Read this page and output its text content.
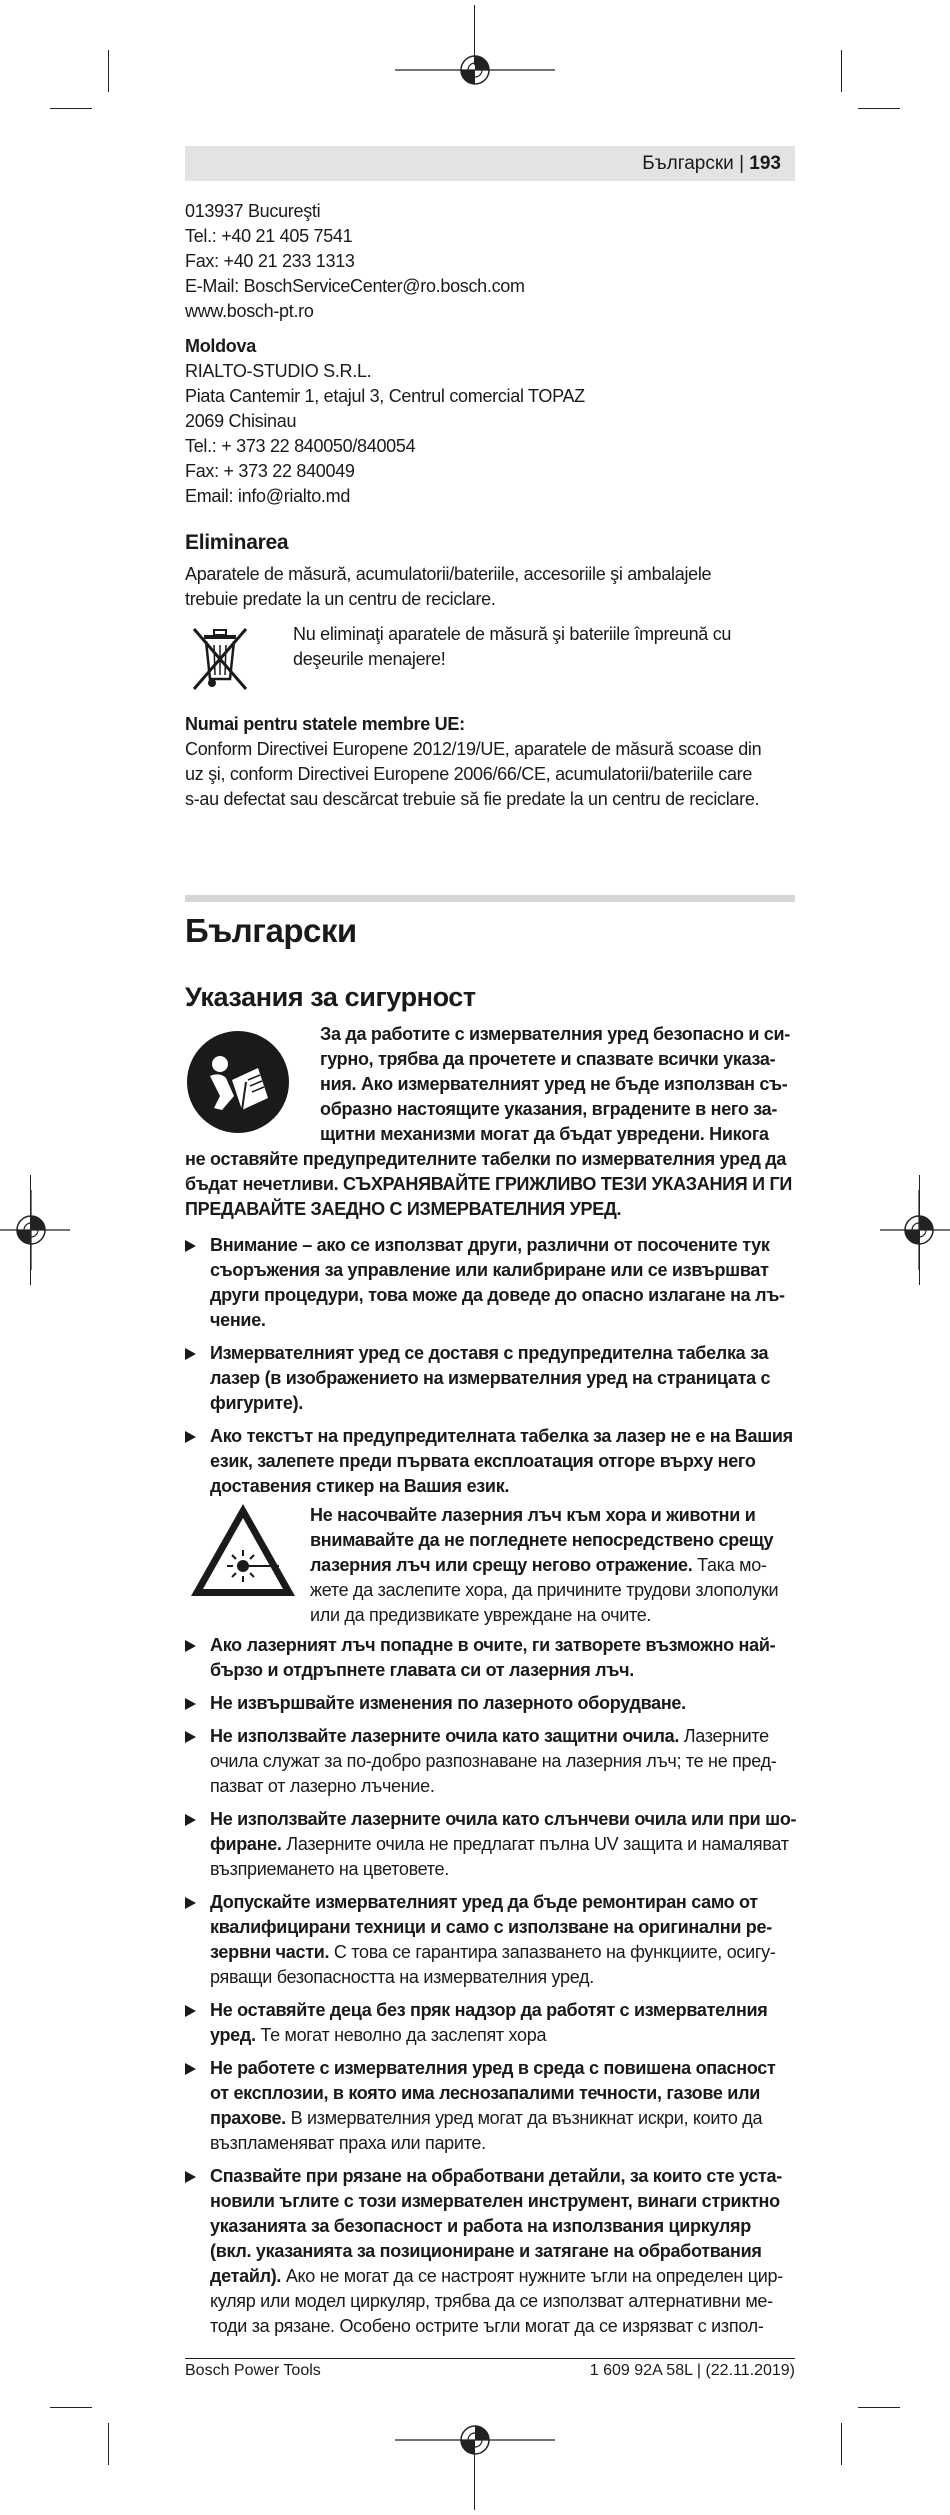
Български | 193
013937 Bucureşti
Tel.: +40 21 405 7541
Fax: +40 21 233 1313
E-Mail: BoschServiceCenter@ro.bosch.com
www.bosch-pt.ro
Moldova
RIALTO-STUDIO S.R.L.
Piata Cantemir 1, etajul 3, Centrul comercial TOPAZ
2069 Chisinau
Tel.: + 373 22 840050/840054
Fax: + 373 22 840049
Email: info@rialto.md
Eliminarea
Aparatele de măsură, acumulatorii/bateriile, accesoriile şi ambalajele
trebuie predate la un centru de reciclare.
Nu eliminaţi aparatele de măsură şi bateriile împreună cu
deşeurile menajere!
Numai pentru statele membre UE:
Conform Directivei Europene 2012/19/UE, aparatele de măsură scoase din
uz şi, conform Directivei Europene 2006/66/CE, acumulatorii/bateriile care
s-au defectat sau descărcat trebuie să fie predate la un centru de reciclare.
Български
Указания за сигурност
За да работите с измервателния уред безопасно и си-
гурно, трябва да прочетете и спазвате всички указа-
ния. Ако измервателният уред не бъде използван съ-
образно настоящите указания, вградените в него за-
щитни механизми могат да бъдат увредени. Никога
не оставяйте предупредителните табелки по измервателния уред да
бъдат нечетливи. СЪХРАНЯВАЙТЕ ГРИЖЛИВО ТЕЗИ УКАЗАНИЯ И ГИ
ПРЕДАВАЙТЕ ЗАЕДНО С ИЗМЕРВАТЕЛНИЯ УРЕД.
Внимание – ако се използват други, различни от посочените тук
съоръжения за управление или калибриране или се извършват
други процедури, това може да доведе до опасно излагане на лъ-
чение.
Измервателният уред се доставя с предупредителна табелка за
лазер (в изображението на измервателния уред на страницата с
фигурите).
Ако текстът на предупредителната табелка за лазер не е на Вашия
език, залепете преди първата експлоатация отгоре върху него
доставения стикер на Вашия език.
Не насочвайте лазерния лъч към хора и животни и
внимавайте да не погледнете непосредствено срещу
лазерния лъч или срещу негово отражение. Така мо-
жете да заслепите хора, да причините трудови злополуки
или да предизвикате увреждане на очите.
Ако лазерният лъч попадне в очите, ги затворете възможно най-
бързо и отдръпнете главата си от лазерния лъч.
Не извършвайте изменения по лазерното оборудване.
Не използвайте лазерните очила като защитни очила. Лазерните
очила служат за по-добро разпознаване на лазерния лъч; те не пред-
пазват от лазерно лъчение.
Не използвайте лазерните очила като слънчеви очила или при шо-
фиране. Лазерните очила не предлагат пълна UV защита и намаляват
възприемането на цветовете.
Допускайте измервателният уред да бъде ремонтиран само от
квалифицирани техници и само с използване на оригинални ре-
зервни части. С това се гарантира запазването на функциите, осигу-
ряващи безопасността на измервателния уред.
Не оставяйте деца без пряк надзор да работят с измервателния
уред. Те могат неволно да заслепят хора
Не работете с измервателния уред в среда с повишена опасност
от експлозии, в която има леснозапалими течности, газове или
прахове. В измервателния уред могат да възникнат искри, които да
възпламеняват праха или парите.
Спазвайте при рязане на обработвани детайли, за които сте уста-
новили ъглите с този измервателен инструмент, винаги стриктно
указанията за безопасност и работа на използвания циркуляр
(вкл. указанията за позициониране и затягане на обработвания
детайл). Ако не могат да се настроят нужните ъгли на определен цир-
куляр или модел циркуляр, трябва да се използват алтернативни ме-
тоди за рязане. Особено острите ъгли могат да се изрязват с изпол-
Bosch Power Tools	1 609 92A 58L | (22.11.2019)
